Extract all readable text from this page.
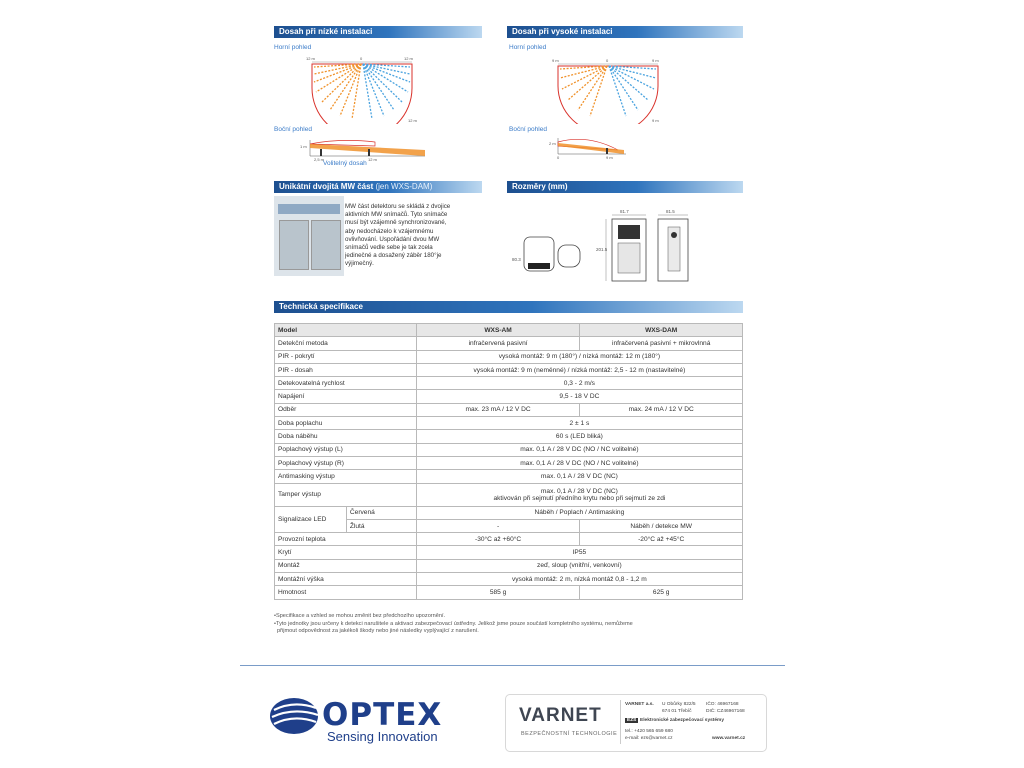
Dosah při nízké instalaci	Dosah při vysoké instalaci
Unikátní dvojitá MW část (jen WXS-DAM)	Rozměry (mm)
Technická specifikace
Horní pohled
12 m	0	12 m
12 m
Boční pohled
1 m
2,5 m	12 m
Volitelný dosah
Horní pohled
9 m	0	9 m
9 m
Boční pohled
2 m
0	9 m
MW část detektoru se skládá z dvojice
aktivních MW snímačů. Tyto snímače
musí být vzájemně synchronizované,
aby nedocházelo k vzájemnému
ovlivňování. Uspořádání dvou MW
snímačů vedle sebe je tak zcela
jedinečné a dosažený záběr 180°je
výjimečný.
81.7	81.5
201.5
80.3
Model		WXS-AM	WXS-DAM
Detekční metoda		infračervená pasivní	infračervená pasivní + mikrovlnná
PIR - pokrytí		vysoká montáž: 9 m (180°) / nízká montáž: 12 m (180°)	
PIR - dosah		vysoká montáž: 9 m (neměnné) / nízká montáž: 2,5 - 12 m (nastavitelné)	
Detekovatelná rychlost		0,3 - 2 m/s	
Napájení		9,5 - 18 V DC	
Odběr		max. 23 mA / 12 V DC	max. 24 mA / 12 V DC
Doba poplachu		2 ± 1 s	
Doba náběhu		60 s (LED bliká)	
Poplachový výstup (L)		max. 0,1 A / 28 V DC (NO / NC volitelné)	
Poplachový výstup (R)		max. 0,1 A / 28 V DC (NO / NC volitelné)	
Antimasking výstup		max. 0,1 A / 28 V DC (NC)	
Tamper výstup		max. 0,1 A / 28 V DC (NC)
aktivován při sejmutí předního krytu nebo při sejmutí ze zdi	

Signalizace LED	Červená	Náběh / Poplach / Antimasking	
	Žlutá	-	Náběh / detekce MW
Provozní teplota		-30°C až +60°C	-20°C až +45°C
Krytí		IP55	
Montáž		zeď, sloup (vnitřní, venkovní)	
Montážní výška		vysoká montáž: 2 m, nízká montáž 0,8 - 1,2 m	
Hmotnost		585 g	625 g
•Specifikace a vzhled se mohou změnit bez předchozího upozornění.
•Tyto jednotky jsou určeny k detekci narušitele a aktivaci zabezpečovací ústředny. Jelikož jsme pouze součástí kompletního systému, nemůžeme
přijmout odpovědnost za jakékoli škody nebo jiné následky vyplývající z narušení.
OPTEX
Sensing Innovation
VARNET
BEZPEČNOSTNÍ TECHNOLOGIE
VARNET a.s. U Obůrky 822/5
674 01 Třebíč
IČO: 46967168
DIČ: CZ46967168
EZS Elektronické zabezpečovací systémy
tel.: +420 565 659 680
e-mail: ezs@varnet.cz	www.varnet.cz
